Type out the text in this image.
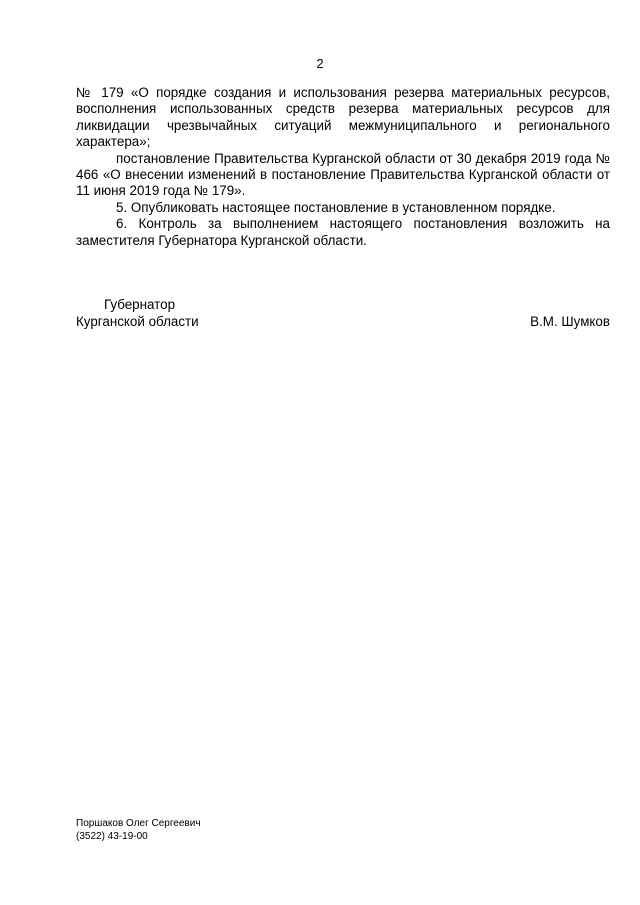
2

№ 179 «О порядке создания и использования резерва материальных ресурсов, восполнения использованных средств резерва материальных ресурсов для ликвидации чрезвычайных ситуаций межмуниципального и регионального характера»;

постановление Правительства Курганской области от 30 декабря 2019 года № 466 «О внесении изменений в постановление Правительства Курганской области от 11 июня 2019 года № 179».

5. Опубликовать настоящее постановление в установленном порядке.

6. Контроль за выполнением настоящего постановления возложить на заместителя Губернатора Курганской области.

Губернатор
Курганской области	В.М. Шумков
Поршаков Олег Сергеевич
(3522) 43-19-00
